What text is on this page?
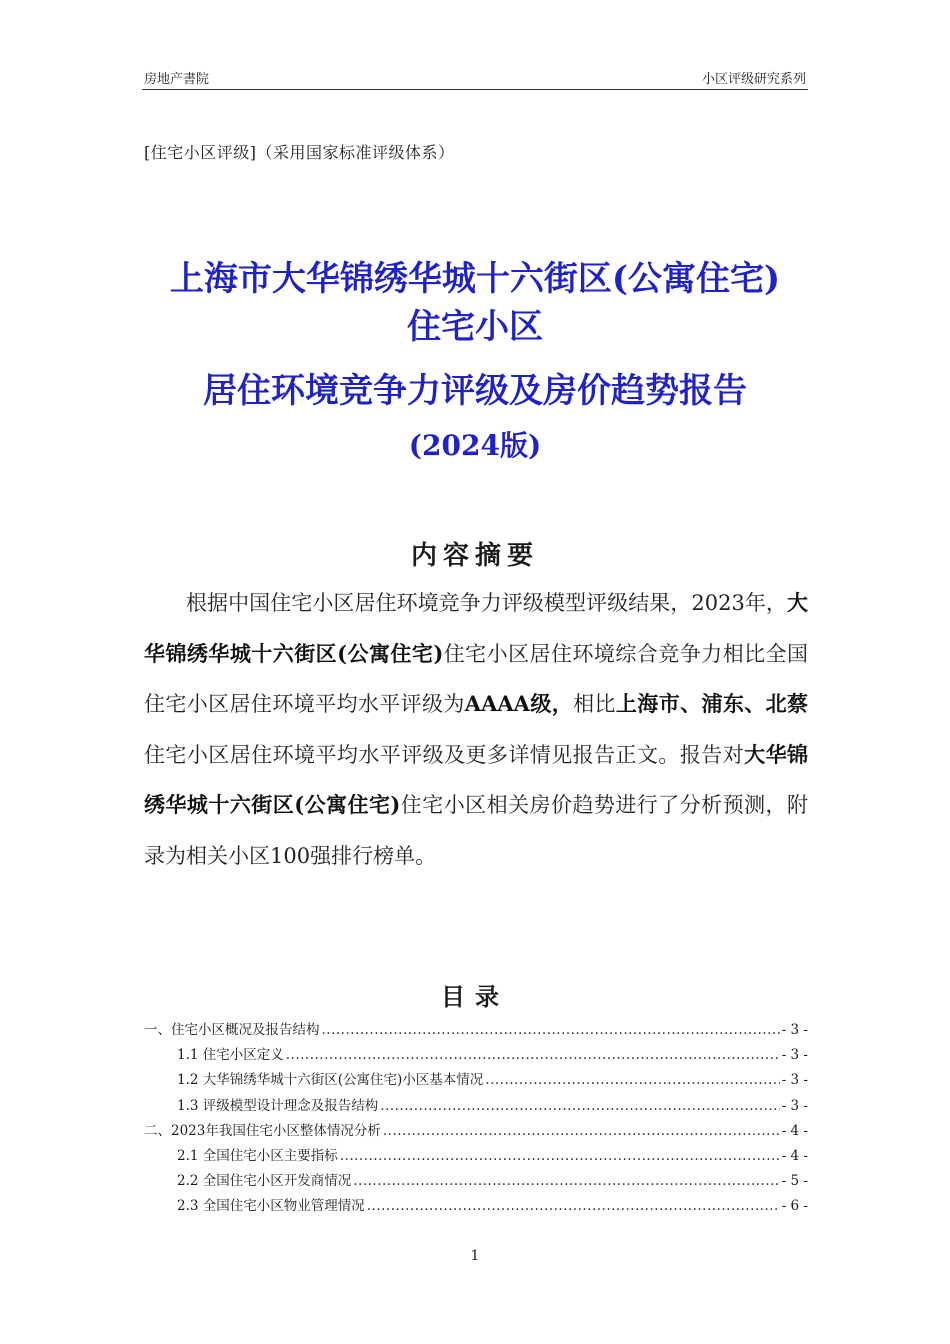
房地产書院	小区评级研究系列
[住宅小区评级]（采用国家标准评级体系）
上海市大华锦绣华城十六街区(公寓住宅)
住宅小区
居住环境竞争力评级及房价趋势报告
(2024版)
内容摘要

根据中国住宅小区居住环境竞争力评级模型评级结果，2023年，大华锦绣华城十六街区(公寓住宅)住宅小区居住环境综合竞争力相比全国住宅小区居住环境平均水平评级为AAAA级，相比上海市、浦东、北蔡住宅小区居住环境平均水平评级及更多详情见报告正文。报告对大华锦绣华城十六街区(公寓住宅)住宅小区相关房价趋势进行了分析预测，附录为相关小区100强排行榜单。

目录
一、住宅小区概况及报告结构 .....	- 3 -
1.1 住宅小区定义 .....	- 3 -
1.2 大华锦绣华城十六街区(公寓住宅)小区基本情况 .....	- 3 -
1.3 评级模型设计理念及报告结构 .....	- 3 -
二、2023年我国住宅小区整体情况分析 .....	- 4 -
2.1 全国住宅小区主要指标 .....	- 4 -
2.2 全国住宅小区开发商情况 .....	- 5 -
2.3 全国住宅小区物业管理情况 .....	- 6 -
1
